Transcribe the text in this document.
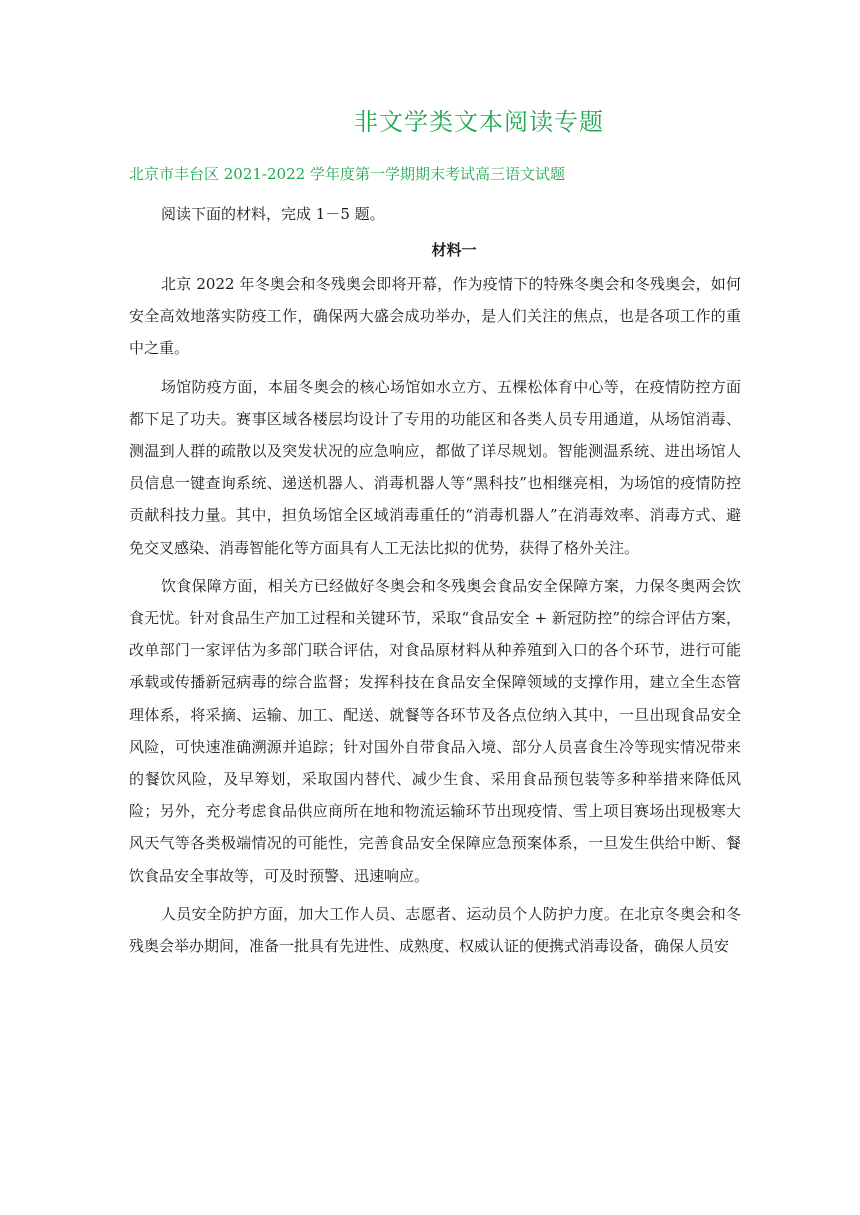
非文学类文本阅读专题
北京市丰台区 2021-2022 学年度第一学期期末考试高三语文试题

阅读下面的材料，完成 1－5 题。

材料一

北京 2022 年冬奥会和冬残奥会即将开幕，作为疫情下的特殊冬奥会和冬残奥会，如何安全高效地落实防疫工作，确保两大盛会成功举办，是人们关注的焦点，也是各项工作的重中之重。

场馆防疫方面，本届冬奥会的核心场馆如水立方、五棵松体育中心等，在疫情防控方面都下足了功夫。赛事区域各楼层均设计了专用的功能区和各类人员专用通道，从场馆消毒、测温到人群的疏散以及突发状况的应急响应，都做了详尽规划。智能测温系统、进出场馆人员信息一键查询系统、递送机器人、消毒机器人等“黑科技”也相继亮相，为场馆的疫情防控贡献科技力量。其中，担负场馆全区域消毒重任的“消毒机器人”在消毒效率、消毒方式、避免交叉感染、消毒智能化等方面具有人工无法比拟的优势，获得了格外关注。

饮食保障方面，相关方已经做好冬奥会和冬残奥会食品安全保障方案，力保冬奥两会饮食无忧。针对食品生产加工过程和关键环节，采取“食品安全 + 新冠防控”的综合评估方案，改单部门一家评估为多部门联合评估，对食品原材料从种养殖到入口的各个环节，进行可能承载或传播新冠病毒的综合监督；发挥科技在食品安全保障领域的支撑作用，建立全生态管理体系，将采摘、运输、加工、配送、就餐等各环节及各点位纳入其中，一旦出现食品安全风险，可快速准确溯源并追踪；针对国外自带食品入境、部分人员喜食生冷等现实情况带来的餐饮风险，及早筹划，采取国内替代、减少生食、采用食品预包装等多种举措来降低风险；另外，充分考虑食品供应商所在地和物流运输环节出现疫情、雪上项目赛场出现极寒大风天气等各类极端情况的可能性，完善食品安全保障应急预案体系，一旦发生供给中断、餐饮食品安全事故等，可及时预警、迅速响应。

人员安全防护方面，加大工作人员、志愿者、运动员个人防护力度。在北京冬奥会和冬残奥会举办期间，准备一批具有先进性、成熟度、权威认证的便携式消毒设备，确保人员安
